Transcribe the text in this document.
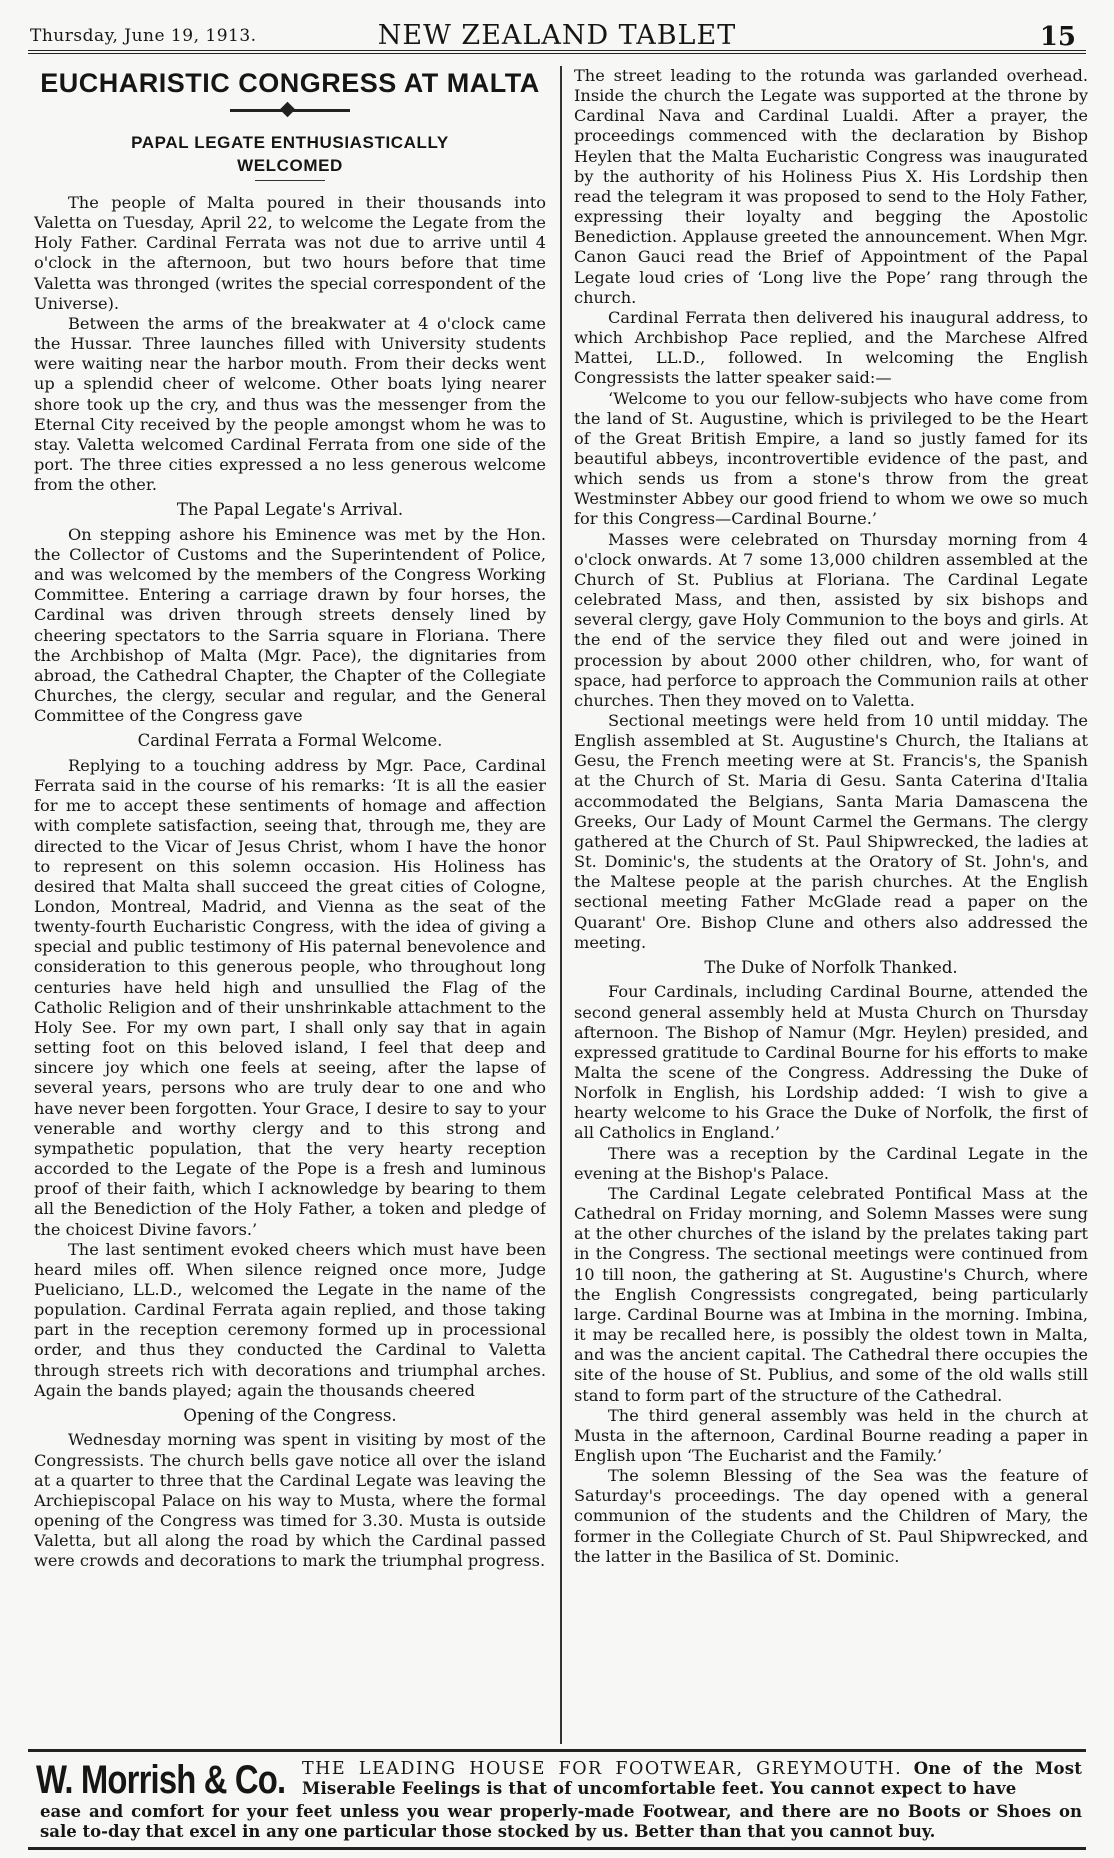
Thursday, June 19, 1913.	NEW ZEALAND TABLET	15
EUCHARISTIC CONGRESS AT MALTA
PAPAL LEGATE ENTHUSIASTICALLY WELCOMED

The people of Malta poured in their thousands into Valetta on Tuesday, April 22, to welcome the Legate from the Holy Father. Cardinal Ferrata was not due to arrive until 4 o'clock in the afternoon, but two hours before that time Valetta was thronged (writes the special correspondent of the Universe).

Between the arms of the breakwater at 4 o'clock came the Hussar. Three launches filled with University students were waiting near the harbor mouth. From their decks went up a splendid cheer of welcome. Other boats lying nearer shore took up the cry, and thus was the messenger from the Eternal City received by the people amongst whom he was to stay. Valetta welcomed Cardinal Ferrata from one side of the port. The three cities expressed a no less generous welcome from the other.

The Papal Legate's Arrival.

On stepping ashore his Eminence was met by the Hon. the Collector of Customs and the Superintendent of Police, and was welcomed by the members of the Congress Working Committee. Entering a carriage drawn by four horses, the Cardinal was driven through streets densely lined by cheering spectators to the Sarria square in Floriana. There the Archbishop of Malta (Mgr. Pace), the dignitaries from abroad, the Cathedral Chapter, the Chapter of the Collegiate Churches, the clergy, secular and regular, and the General Committee of the Congress gave

Cardinal Ferrata a Formal Welcome.

Replying to a touching address by Mgr. Pace, Cardinal Ferrata said in the course of his remarks: ‘It is all the easier for me to accept these sentiments of homage and affection with complete satisfaction, seeing that, through me, they are directed to the Vicar of Jesus Christ, whom I have the honor to represent on this solemn occasion. His Holiness has desired that Malta shall succeed the great cities of Cologne, London, Montreal, Madrid, and Vienna as the seat of the twenty-fourth Eucharistic Congress, with the idea of giving a special and public testimony of His paternal benevolence and consideration to this generous people, who throughout long centuries have held high and unsullied the Flag of the Catholic Religion and of their unshrinkable attachment to the Holy See. For my own part, I shall only say that in again setting foot on this beloved island, I feel that deep and sincere joy which one feels at seeing, after the lapse of several years, persons who are truly dear to one and who have never been forgotten. Your Grace, I desire to say to your venerable and worthy clergy and to this strong and sympathetic population, that the very hearty reception accorded to the Legate of the Pope is a fresh and luminous proof of their faith, which I acknowledge by bearing to them all the Benediction of the Holy Father, a token and pledge of the choicest Divine favors.’

The last sentiment evoked cheers which must have been heard miles off. When silence reigned once more, Judge Pueliciano, LL.D., welcomed the Legate in the name of the population. Cardinal Ferrata again replied, and those taking part in the reception ceremony formed up in processional order, and thus they conducted the Cardinal to Valetta through streets rich with decorations and triumphal arches. Again the bands played; again the thousands cheered

Opening of the Congress.

Wednesday morning was spent in visiting by most of the Congressists. The church bells gave notice all over the island at a quarter to three that the Cardinal Legate was leaving the Archiepiscopal Palace on his way to Musta, where the formal opening of the Congress was timed for 3.30. Musta is outside Valetta, but all along the road by which the Cardinal passed were crowds and decorations to mark the triumphal progress.

The street leading to the rotunda was garlanded overhead. Inside the church the Legate was supported at the throne by Cardinal Nava and Cardinal Lualdi. After a prayer, the proceedings commenced with the declaration by Bishop Heylen that the Malta Eucharistic Congress was inaugurated by the authority of his Holiness Pius X. His Lordship then read the telegram it was proposed to send to the Holy Father, expressing their loyalty and begging the Apostolic Benediction. Applause greeted the announcement. When Mgr. Canon Gauci read the Brief of Appointment of the Papal Legate loud cries of ‘Long live the Pope’ rang through the church.

Cardinal Ferrata then delivered his inaugural address, to which Archbishop Pace replied, and the Marchese Alfred Mattei, LL.D., followed. In welcoming the English Congressists the latter speaker said:—

‘Welcome to you our fellow-subjects who have come from the land of St. Augustine, which is privileged to be the Heart of the Great British Empire, a land so justly famed for its beautiful abbeys, incontrovertible evidence of the past, and which sends us from a stone's throw from the great Westminster Abbey our good friend to whom we owe so much for this Congress—Cardinal Bourne.’

Masses were celebrated on Thursday morning from 4 o'clock onwards. At 7 some 13,000 children assembled at the Church of St. Publius at Floriana. The Cardinal Legate celebrated Mass, and then, assisted by six bishops and several clergy, gave Holy Communion to the boys and girls. At the end of the service they filed out and were joined in procession by about 2000 other children, who, for want of space, had perforce to approach the Communion rails at other churches. Then they moved on to Valetta.

Sectional meetings were held from 10 until midday. The English assembled at St. Augustine's Church, the Italians at Gesu, the French meeting were at St. Francis's, the Spanish at the Church of St. Maria di Gesu. Santa Caterina d'Italia accommodated the Belgians, Santa Maria Damascena the Greeks, Our Lady of Mount Carmel the Germans. The clergy gathered at the Church of St. Paul Shipwrecked, the ladies at St. Dominic's, the students at the Oratory of St. John's, and the Maltese people at the parish churches. At the English sectional meeting Father McGlade read a paper on the Quarant' Ore. Bishop Clune and others also addressed the meeting.

The Duke of Norfolk Thanked.

Four Cardinals, including Cardinal Bourne, attended the second general assembly held at Musta Church on Thursday afternoon. The Bishop of Namur (Mgr. Heylen) presided, and expressed gratitude to Cardinal Bourne for his efforts to make Malta the scene of the Congress. Addressing the Duke of Norfolk in English, his Lordship added: ‘I wish to give a hearty welcome to his Grace the Duke of Norfolk, the first of all Catholics in England.’

There was a reception by the Cardinal Legate in the evening at the Bishop's Palace.

The Cardinal Legate celebrated Pontifical Mass at the Cathedral on Friday morning, and Solemn Masses were sung at the other churches of the island by the prelates taking part in the Congress. The sectional meetings were continued from 10 till noon, the gathering at St. Augustine's Church, where the English Congressists congregated, being particularly large. Cardinal Bourne was at Imbina in the morning. Imbina, it may be recalled here, is possibly the oldest town in Malta, and was the ancient capital. The Cathedral there occupies the site of the house of St. Publius, and some of the old walls still stand to form part of the structure of the Cathedral.

The third general assembly was held in the church at Musta in the afternoon, Cardinal Bourne reading a paper in English upon ‘The Eucharist and the Family.’

The solemn Blessing of the Sea was the feature of Saturday's proceedings. The day opened with a general communion of the students and the Children of Mary, the former in the Collegiate Church of St. Paul Shipwrecked, and the latter in the Basilica of St. Dominic.

W. Morrish & Co. THE LEADING HOUSE FOR FOOTWEAR, GREYMOUTH. One of the Most Miserable Feelings is that of uncomfortable feet. You cannot expect to have
ease and comfort for your feet unless you wear properly-made Footwear, and there are no Boots or Shoes on sale to-day that excel in any one particular those stocked by us. Better than that you cannot buy.
